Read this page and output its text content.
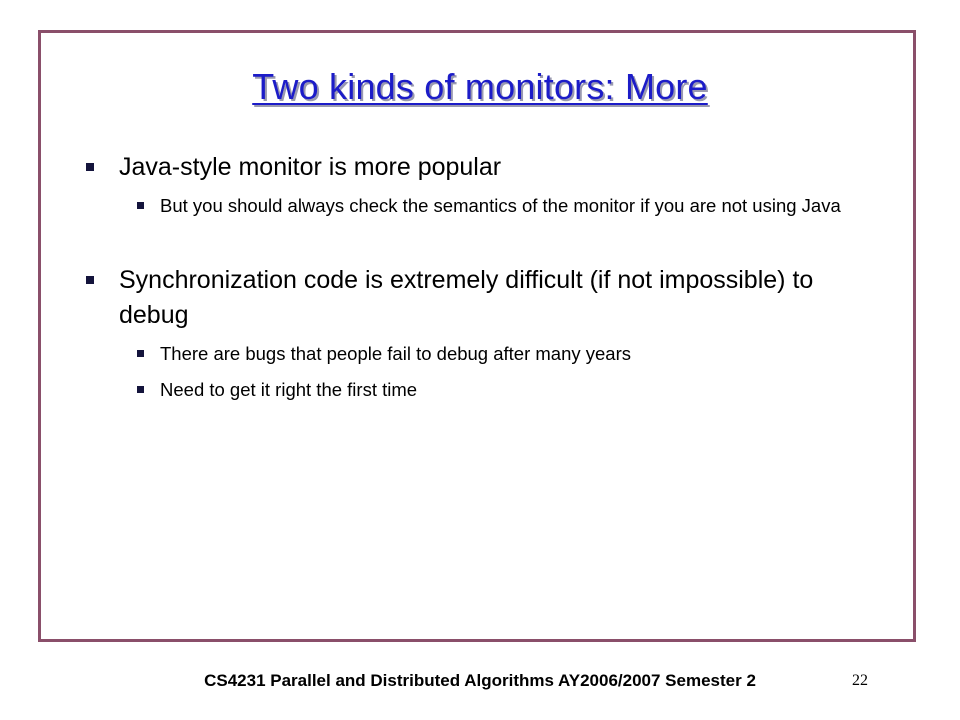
Two kinds of monitors: More
Java-style monitor is more popular
But you should always check the semantics of the monitor if you are not using Java
Synchronization code is extremely difficult (if not impossible) to debug
There are bugs that people fail to debug after many years
Need to get it right the first time
CS4231 Parallel and Distributed Algorithms AY2006/2007 Semester 2	22
